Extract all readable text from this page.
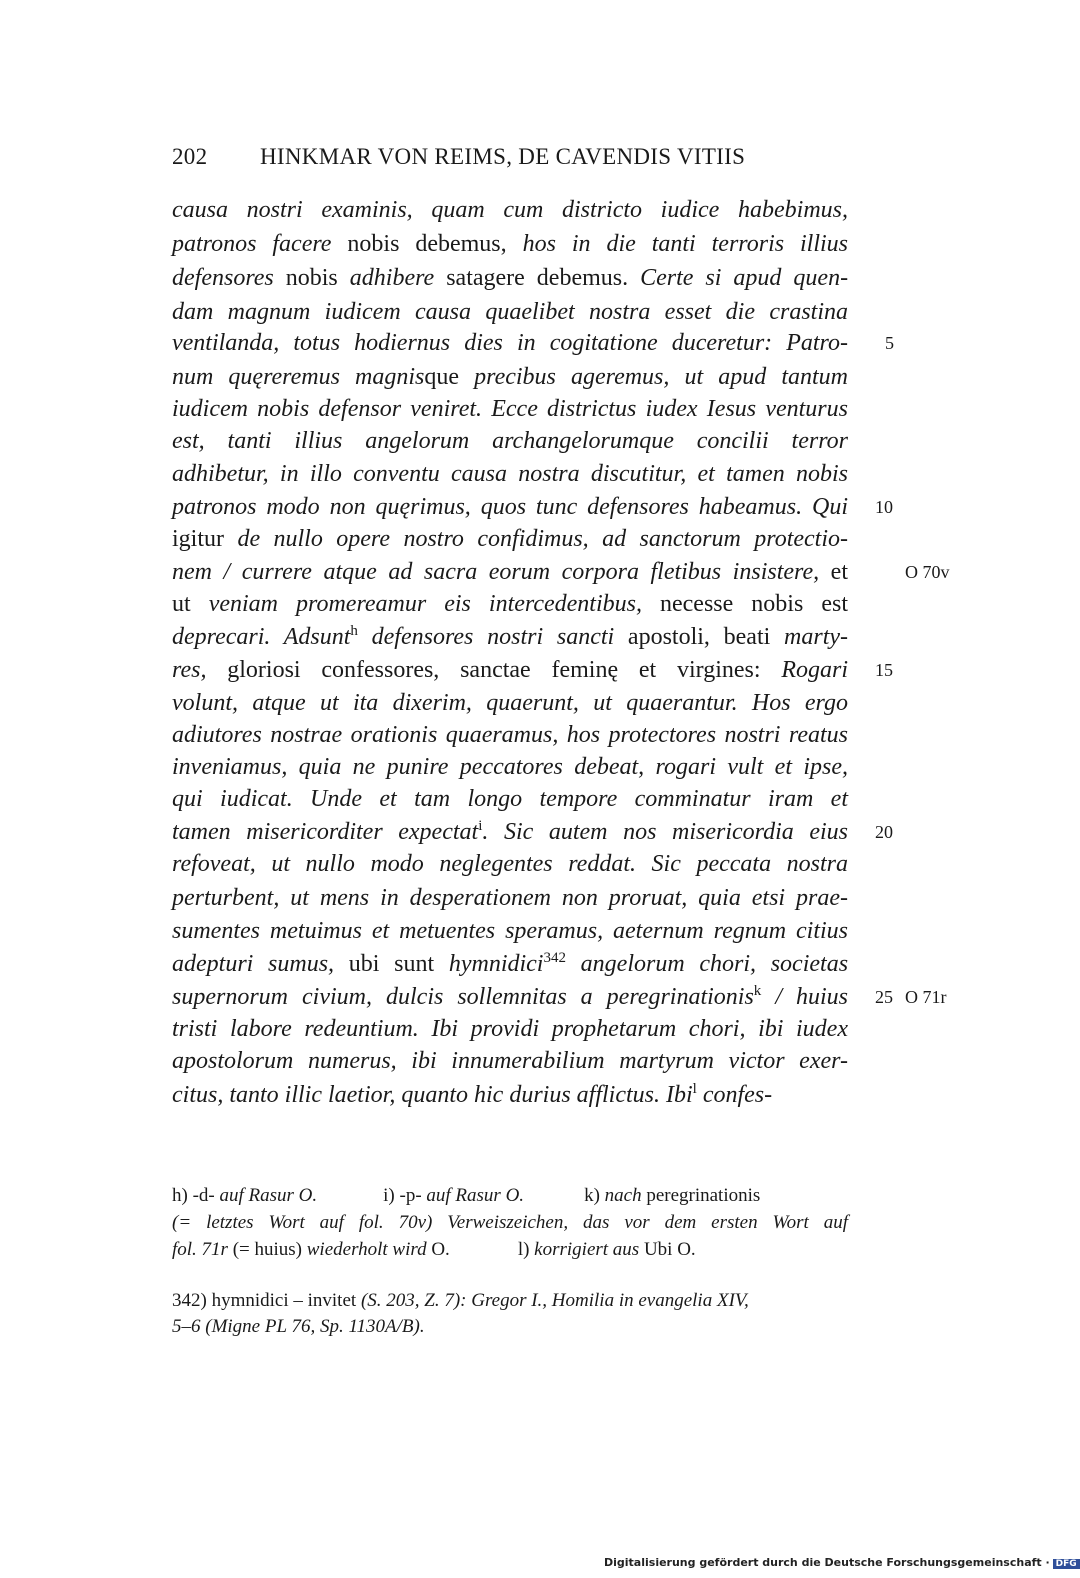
202 HINKMAR VON REIMS, DE CAVENDIS VITIIS
causa nostri examinis, quam cum districto iudice habebimus,
patronos facere nobis debemus, hos in die tanti terroris illius
defensores nobis adhibere satagere debemus. Certe si apud quen-
dam magnum iudicem causa quaelibet nostra esset die crastina
ventilanda, totus hodiernus dies in cogitatione duceretur: Patro-
num quęreremus magnisque precibus ageremus, ut apud tantum
iudicem nobis defensor veniret. Ecce districtus iudex Iesus venturus
est, tanti illius angelorum archangelorumque concilii terror
adhibetur, in illo conventu causa nostra discutitur, et tamen nobis
patronos modo non quęrimus, quos tunc defensores habeamus. Qui
igitur de nullo opere nostro confidimus, ad sanctorum protectio-
nem / currere atque ad sacra eorum corpora fletibus insistere, et
ut veniam promereamur eis intercedentibus, necesse nobis est
deprecari. Adsunt$^h$ defensores nostri sancti apostoli, beati marty-
res, gloriosi confessores, sanctae feminę et virgines: Rogari
volunt, atque ut ita dixerim, quaerunt, ut quaerantur. Hos ergo
adiutores nostrae orationis quaeramus, hos protectores nostri reatus
inveniamus, quia ne punire peccatores debeat, rogari vult et ipse,
qui iudicat. Unde et tam longo tempore comminatur iram et
tamen misericorditer expectat$^i$. Sic autem nos misericordia eius
refoveat, ut nullo modo neglegentes reddat. Sic peccata nostra
perturbent, ut mens in desperationem non proruat, quia etsi prae-
sumentes metuimus et metuentes speramus, aeternum regnum citius
adepturi sumus, ubi sunt hymnidici$^{342}$ angelorum chori, societas
supernorum civium, dulcis sollemnitas a peregrinationis$^k$ / huius
tristi labore redeuntium. Ibi providi prophetarum chori, ibi iudex
apostolorum numerus, ibi innumerabilium martyrum victor exer-
citus, tanto illic laetior, quanto hic durius afflictus. Ibi$^l$ confes-
5
10
O 70v
15
20
25 O 71r
h) -d- auf Rasur O.	i) -p- auf Rasur O.	k) nach peregrinationis
(= letztes Wort auf fol. 70v) Verweiszeichen, das vor dem ersten Wort auf
fol. 71r (= huius) wiederholt wird O.	l) korrigiert aus Ubi O.
342) hymnidici – invitet (S. 203, Z. 7): Gregor I., Homilia in evangelia XIV,
5–6 (Migne PL 76, Sp. 1130A/B).
Digitalisierung gefördert durch die Deutsche Forschungsgemeinschaft · DFG
